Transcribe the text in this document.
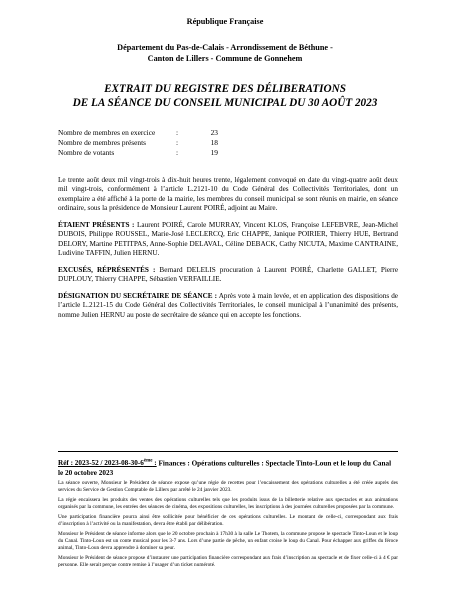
République Française
Département du Pas-de-Calais - Arrondissement de Béthune -
Canton de Lillers - Commune de Gonnehem
EXTRAIT DU REGISTRE DES DÉLIBERATIONS
DE LA SÉANCE DU CONSEIL MUNICIPAL DU 30 AOÛT 2023
Nombre de membres en exercice	:	23
Nombre de membres présents	:	18
Nombre de votants	:	19

Le trente août deux mil vingt-trois à dix-huit heures trente, légalement convoqué en date du vingt-quatre août deux mil vingt-trois, conformément à l’article L.2121-10 du Code Général des Collectivités Territoriales, dont un exemplaire a été affiché à la porte de la mairie, les membres du conseil municipal se sont réunis en mairie, en séance ordinaire, sous la présidence de Monsieur Laurent POIRÉ, adjoint au Maire.

ÉTAIENT PRÉSENTS : Laurent POIRÉ, Carole MURRAY, Vincent KLOS, Françoise LEFEBVRE, Jean-Michel DUBOIS, Philippe ROUSSEL, Marie-José LECLERCQ, Eric CHAPPE, Janique POIRIER, Thierry HUE, Bertrand DELORY, Martine PETITPAS, Anne-Sophie DELAVAL, Céline DEBACK, Cathy NICUTA, Maxime CANTRAINE, Ludivine TAFFIN, Julien HERNU.

EXCUSÉS, RÉPRÉSENTÉS : Bernard DELELIS procuration à Laurent POIRÉ, Charlette GALLET, Pierre DUPLOUY, Thierry CHAPPE, Sébastien VERFAILLIE.

DÉSIGNATION DU SECRÉTAIRE DE SÉANCE : Après vote à main levée, et en application des dispositions de l’article L.2121-15 du Code Général des Collectivités Territoriales, le conseil municipal à l’unanimité des présents, nomme Julien HERNU au poste de secrétaire de séance qui en accepte les fonctions.

Réf : 2023-52 / 2023-08-30-6ème : Finances : Opérations culturelles : Spectacle Tinto-Loun et le loup du Canal le 20 octobre 2023

La séance ouverte, Monsieur le Président de séance expose qu’une régie de recettes pour l’encaissement des opérations culturelles a été créée auprès des services du Service de Gestion Comptable de Lillers par arrêté le 24 janvier 2023.

La régie encaissera les produits des ventes des opérations culturelles tels que les produits issus de la billetterie relative aux spectacles et aux animations organisés par la commune, les entrées des séances de cinéma, des expositions culturelles, les inscriptions à des journées culturelles proposées par la commune.

Une participation financière pourra ainsi être sollicitée pour bénéficier de ces opérations culturelles. Le montant de celle-ci, correspondant aux frais d’inscription à l’activité ou la manifestation, devra être établi par délibération.

Monsieur le Président de séance informe alors que le 20 octobre prochain à 17h30 à la salle Le Thotem, la commune propose le spectacle Tinto-Loun et le loup du Canal. Tinto-Loun est un conte musical pour les 3-7 ans. Lors d’une partie de pêche, un enfant croise le loup du Canal. Pour échapper aux griffes du féroce animal, Tinto-Loun devra apprendre à dominer sa peur.

Monsieur le Président de séance propose d’instaurer une participation financière correspondant aux frais d’inscription au spectacle et de fixer celle-ci à 4 € par personne. Elle serait perçue contre remise à l’usager d’un ticket numéroté.
